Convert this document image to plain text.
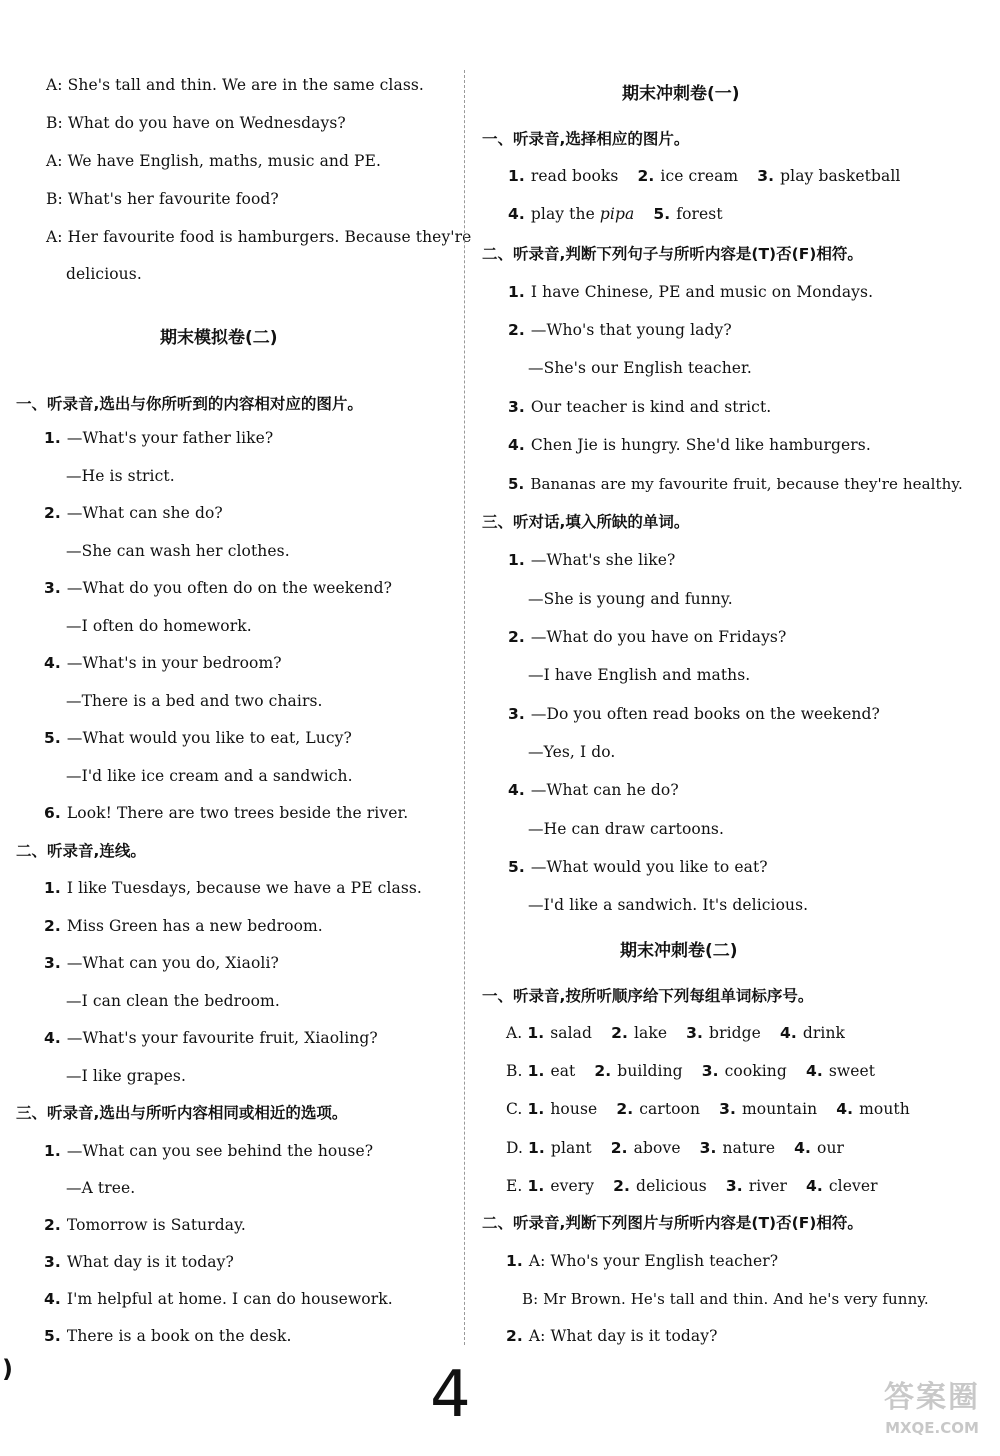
A: She's tall and thin. We are in the same class.
B: What do you have on Wednesdays?
A: We have English, maths, music and PE.
B: What's her favourite food?
A: Her favourite food is hamburgers. Because they're
delicious.
期末模拟卷(二)
一、听录音,选出与你所听到的内容相对应的图片。
1. —What's your father like?
—He is strict.
2. —What can she do?
—She can wash her clothes.
3. —What do you often do on the weekend?
—I often do homework.
4. —What's in your bedroom?
—There is a bed and two chairs.
5. —What would you like to eat, Lucy?
—I'd like ice cream and a sandwich.
6. Look! There are two trees beside the river.
二、听录音,连线。
1. I like Tuesdays, because we have a PE class.
2. Miss Green has a new bedroom.
3. —What can you do, Xiaoli?
—I can clean the bedroom.
4. —What's your favourite fruit, Xiaoling?
—I like grapes.
三、听录音,选出与所听内容相同或相近的选项。
1. —What can you see behind the house?
—A tree.
2. Tomorrow is Saturday.
3. What day is it today?
4. I'm helpful at home. I can do housework.
5. There is a book on the desk.
期末冲刺卷(一)
一、听录音,选择相应的图片。
1. read books 2. ice cream 3. play basketball
4. play the pipa 5. forest
二、听录音,判断下列句子与所听内容是(T)否(F)相符。
1. I have Chinese, PE and music on Mondays.
2. —Who's that young lady?
—She's our English teacher.
3. Our teacher is kind and strict.
4. Chen Jie is hungry. She'd like hamburgers.
5. Bananas are my favourite fruit, because they're healthy.
三、听对话,填入所缺的单词。
1. —What's she like?
—She is young and funny.
2. —What do you have on Fridays?
—I have English and maths.
3. —Do you often read books on the weekend?
—Yes, I do.
4. —What can he do?
—He can draw cartoons.
5. —What would you like to eat?
—I'd like a sandwich. It's delicious.
期末冲刺卷(二)
一、听录音,按所听顺序给下列每组单词标序号。
A. 1. salad 2. lake 3. bridge 4. drink
B. 1. eat 2. building 3. cooking 4. sweet
C. 1. house 2. cartoon 3. mountain 4. mouth
D. 1. plant 2. above 3. nature 4. our
E. 1. every 2. delicious 3. river 4. clever
二、听录音,判断下列图片与所听内容是(T)否(F)相符。
1. A: Who's your English teacher?
B: Mr Brown. He's tall and thin. And he's very funny.
2. A: What day is it today?
)	4	答案圈
MXQE.COM
